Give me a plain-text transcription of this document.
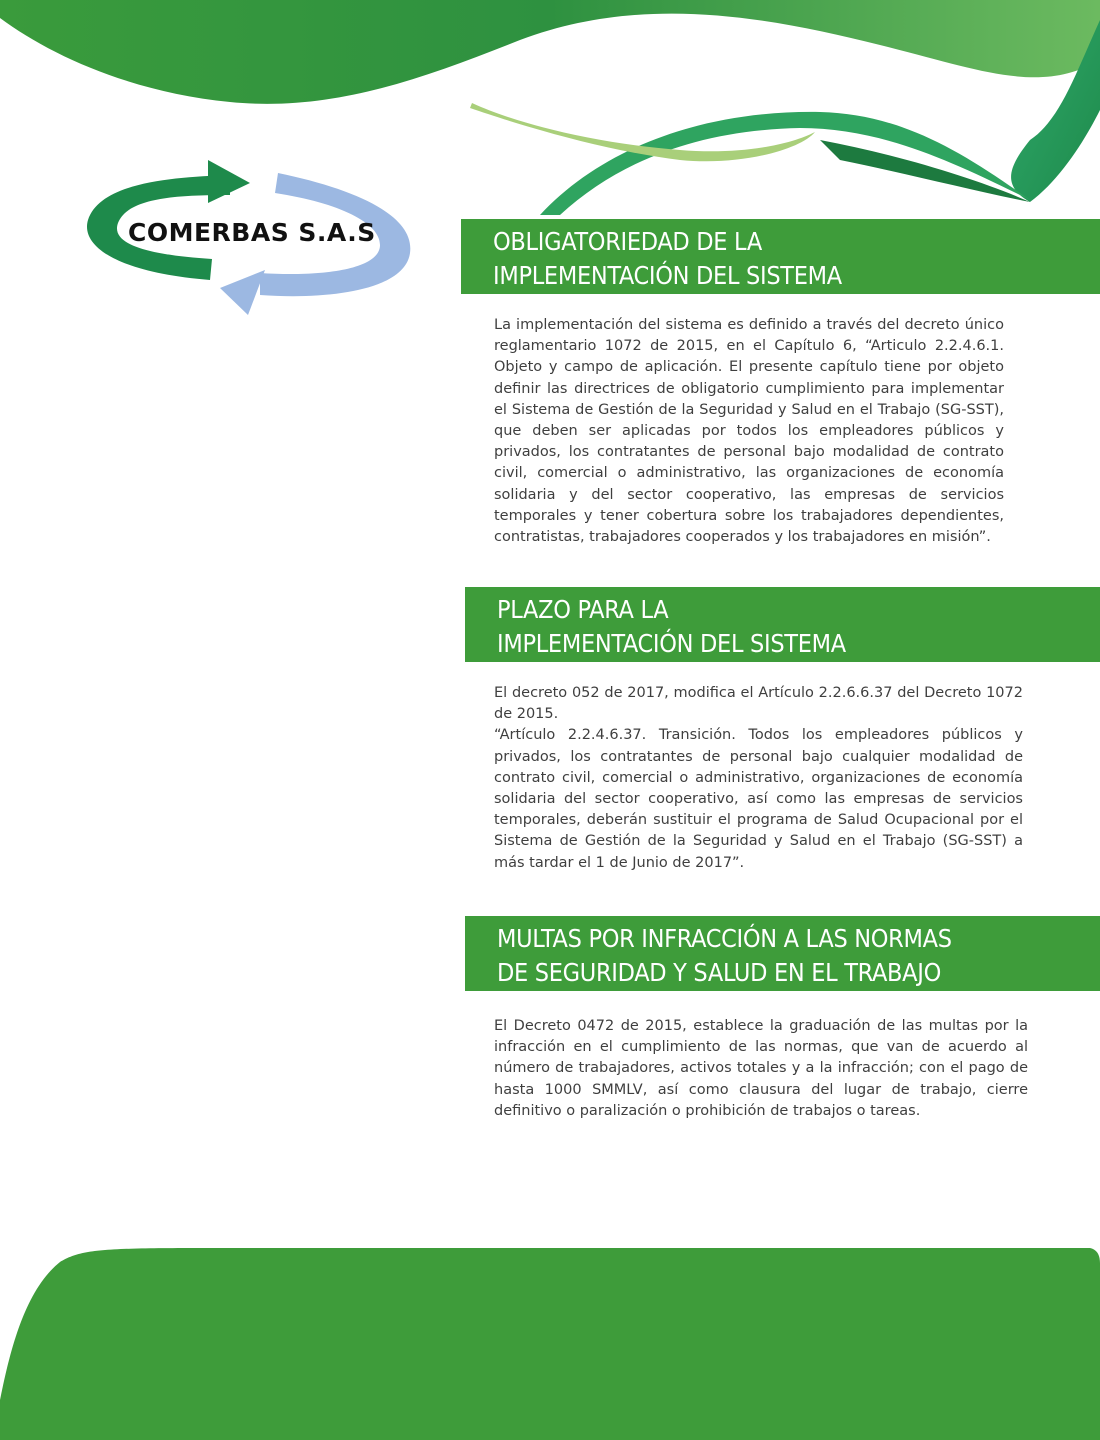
COMERBAS S.A.S	OBLIGATORIEDAD DE LA
IMPLEMENTACIÓN DEL SISTEMA

La implementación del sistema es definido a través del decreto único reglamentario 1072 de 2015, en el Capítulo 6, “Articulo 2.2.4.6.1. Objeto y campo de aplicación. El presente capítulo tiene por objeto definir las directrices de obligatorio cumplimiento para implementar el Sistema de Gestión de la Seguridad y Salud en el Trabajo (SG-SST), que deben ser aplicadas por todos los empleadores públicos y privados, los contratantes de personal bajo modalidad de contrato civil, comercial o administrativo, las organizaciones de economía solidaria y del sector cooperativo, las empresas de servicios temporales y tener cobertura sobre los trabajadores dependientes, contratistas, trabajadores cooperados y los trabajadores en misión”.

PLAZO PARA LA
IMPLEMENTACIÓN DEL SISTEMA

El decreto 052 de 2017, modifica el Artículo 2.2.6.6.37 del Decreto 1072 de 2015.

“Artículo 2.2.4.6.37. Transición. Todos los empleadores públicos y privados, los contratantes de personal bajo cualquier modalidad de contrato civil, comercial o administrativo, organizaciones de economía solidaria del sector cooperativo, así como las empresas de servicios temporales, deberán sustituir el programa de Salud Ocupacional por el Sistema de Gestión de la Seguridad y Salud en el Trabajo (SG-SST) a más tardar el 1 de Junio de 2017”.

MULTAS POR INFRACCIÓN A LAS NORMAS
DE SEGURIDAD Y SALUD EN EL TRABAJO

El Decreto 0472 de 2015, establece la graduación de las multas por la infracción en el cumplimiento de las normas, que van de acuerdo al número de trabajadores, activos totales y a la infracción; con el pago de hasta 1000 SMMLV, así como clausura del lugar de trabajo, cierre definitivo o paralización o prohibición de trabajos o tareas.
